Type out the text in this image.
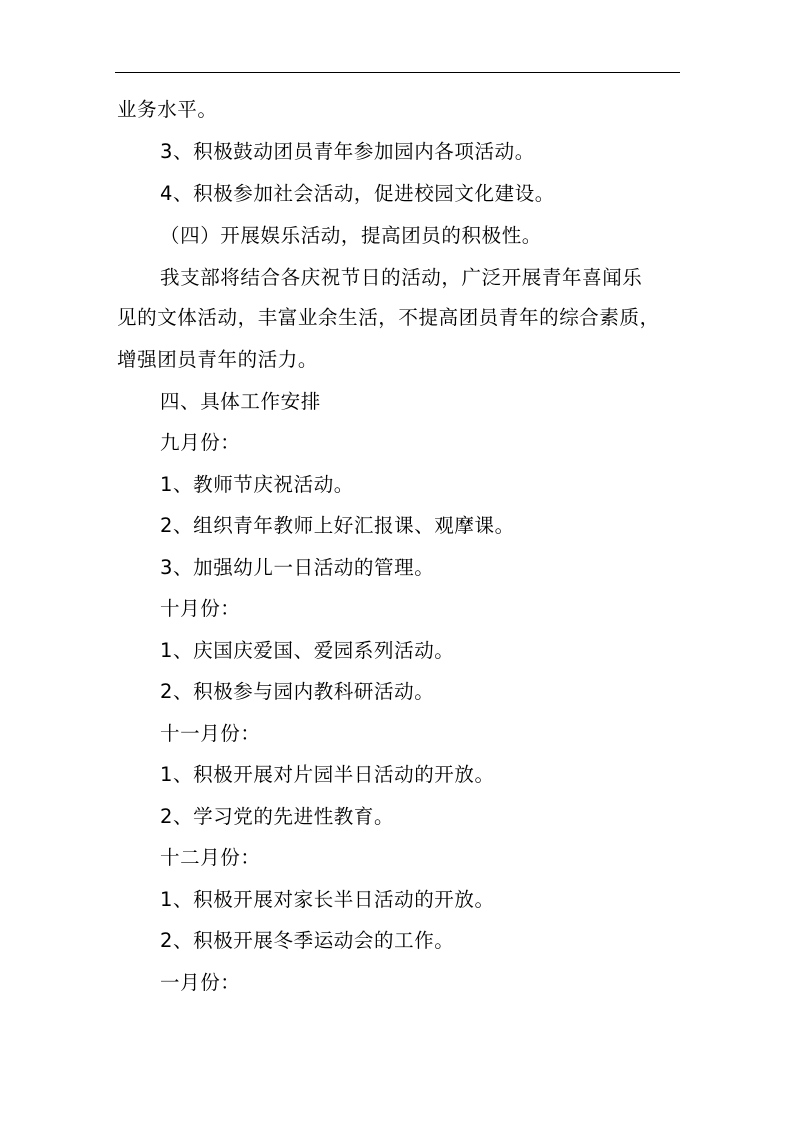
业务水平。
3、积极鼓动团员青年参加园内各项活动。
4、积极参加社会活动，促进校园文化建设。
（四）开展娱乐活动，提高团员的积极性。
我支部将结合各庆祝节日的活动，广泛开展青年喜闻乐
见的文体活动，丰富业余生活，不提高团员青年的综合素质，
增强团员青年的活力。
四、具体工作安排
九月份：
1、教师节庆祝活动。
2、组织青年教师上好汇报课、观摩课。
3、加强幼儿一日活动的管理。
十月份：
1、庆国庆爱国、爱园系列活动。
2、积极参与园内教科研活动。
十一月份：
1、积极开展对片园半日活动的开放。
2、学习党的先进性教育。
十二月份：
1、积极开展对家长半日活动的开放。
2、积极开展冬季运动会的工作。
一月份：
